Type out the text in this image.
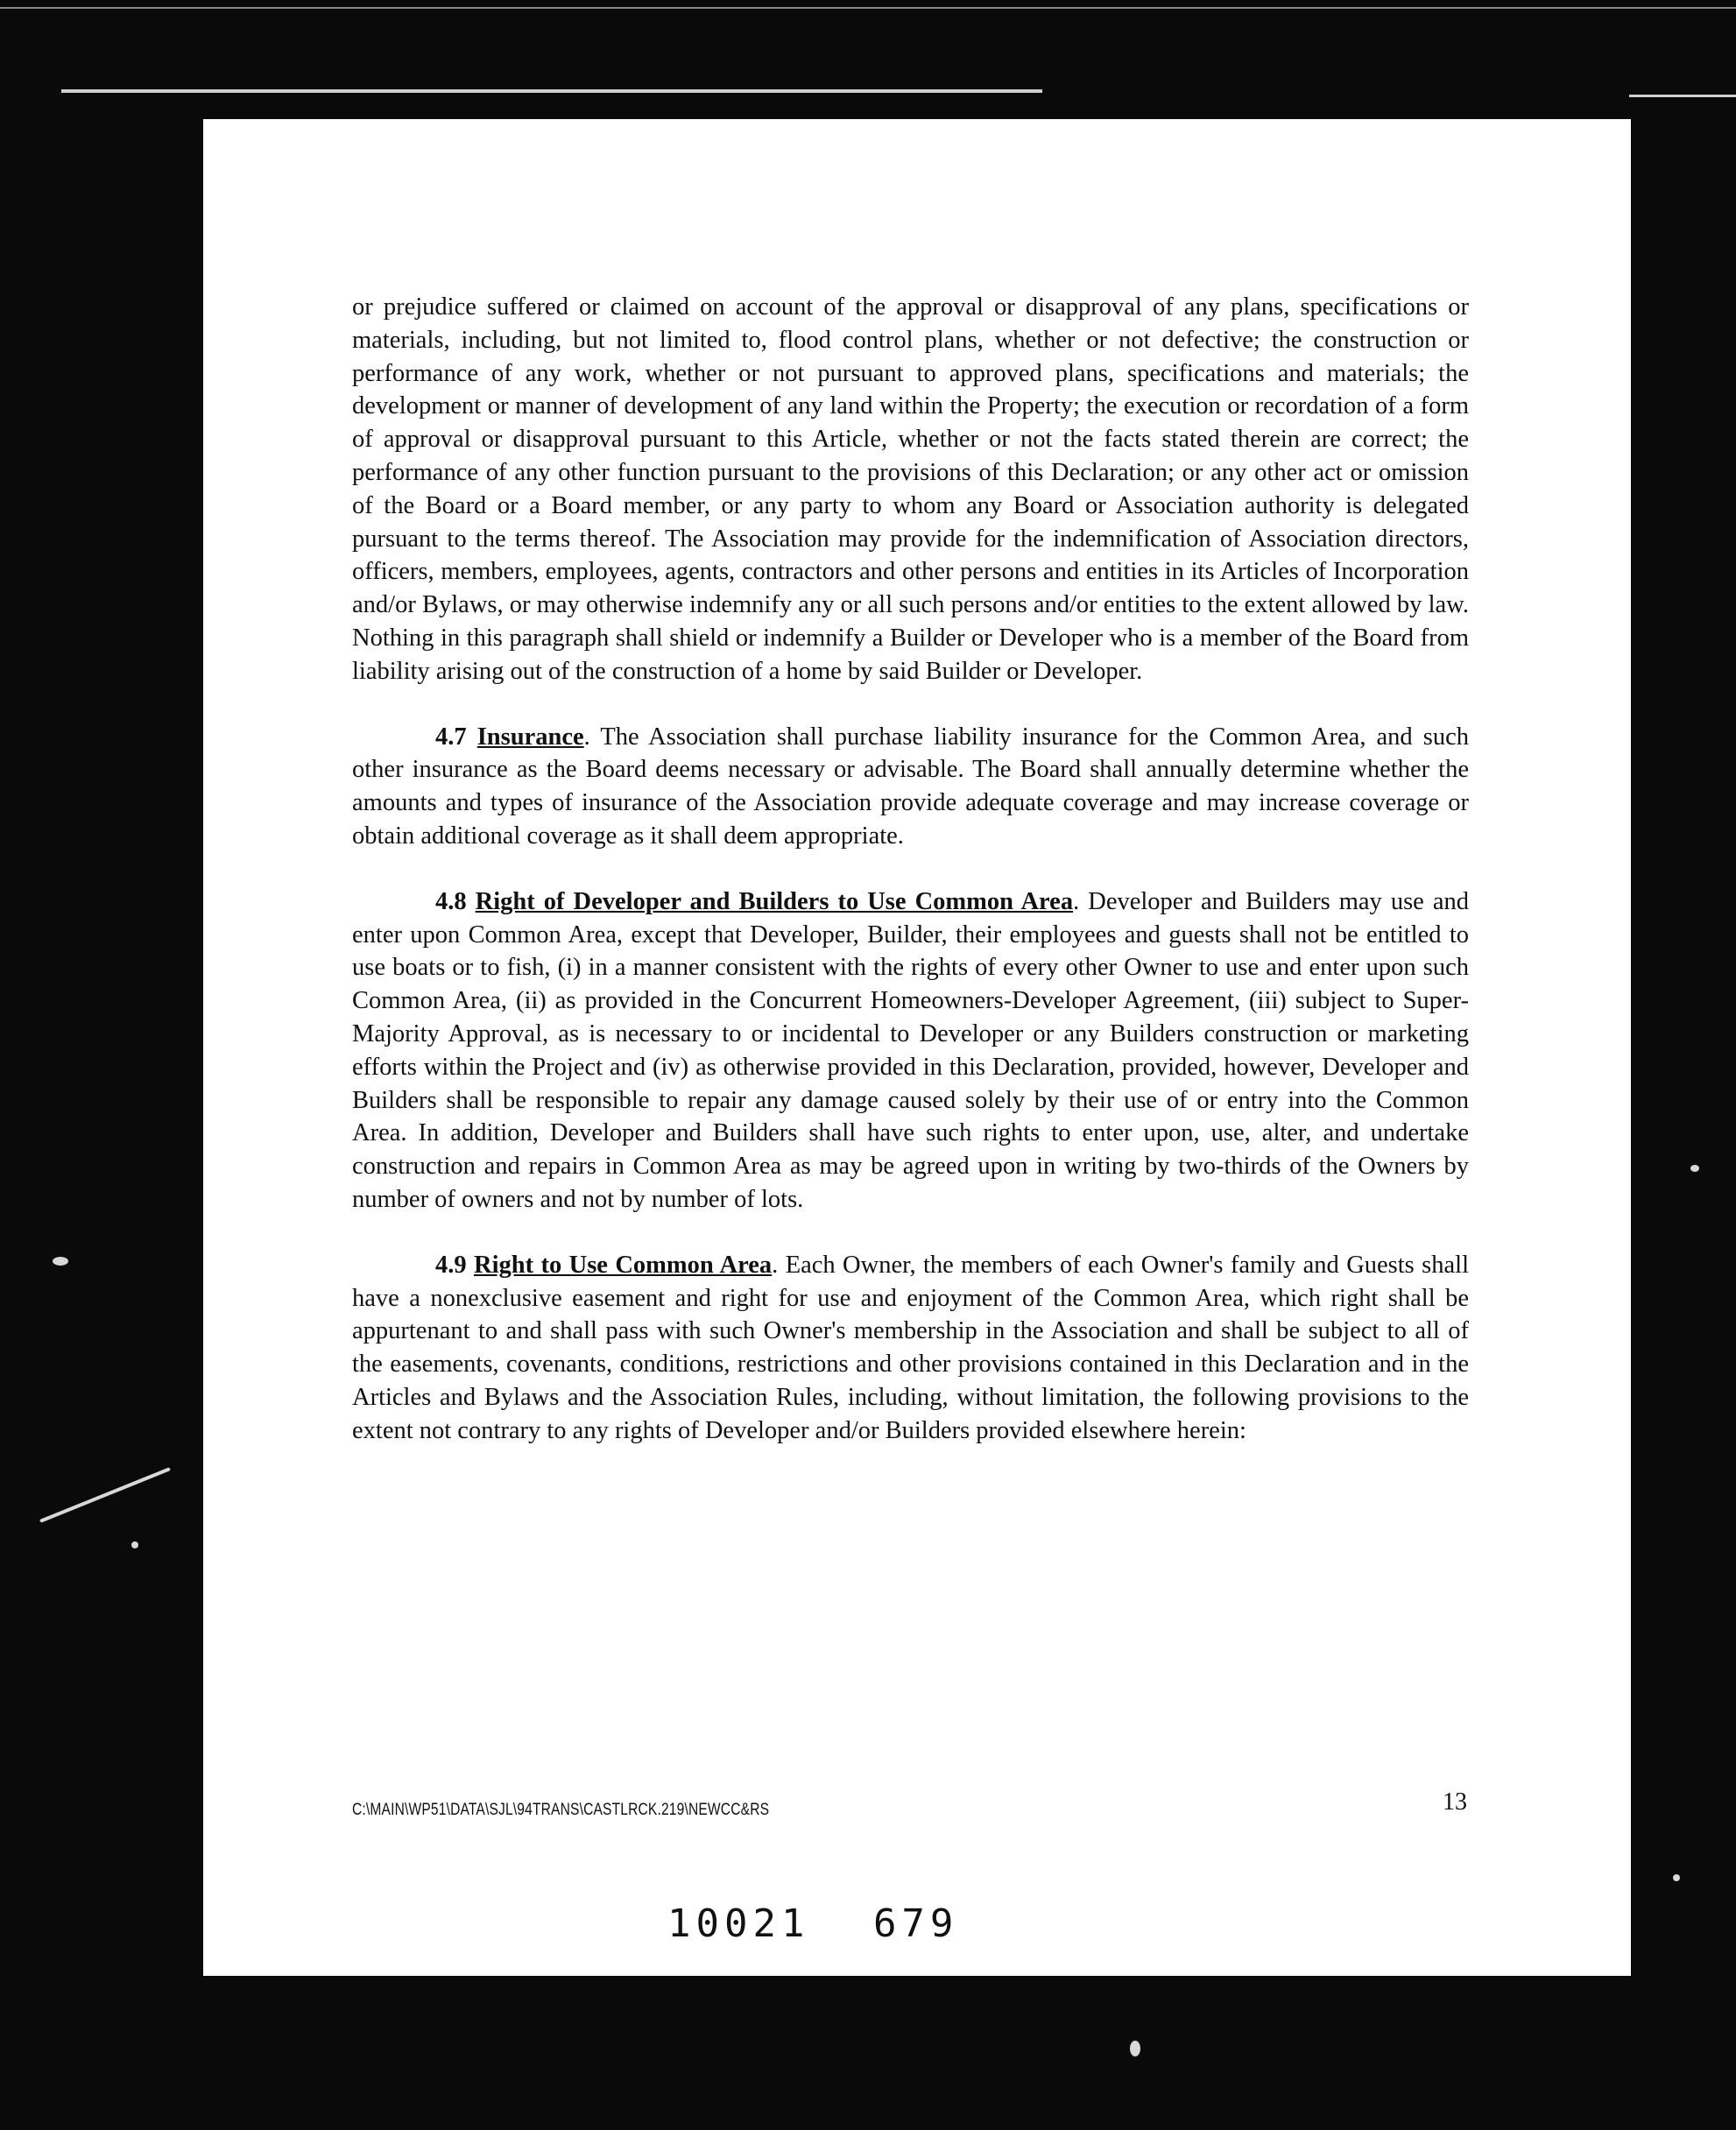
or prejudice suffered or claimed on account of the approval or disapproval of any plans, specifications or materials, including, but not limited to, flood control plans, whether or not defective; the construction or performance of any work, whether or not pursuant to approved plans, specifications and materials; the development or manner of development of any land within the Property; the execution or recordation of a form of approval or disapproval pursuant to this Article, whether or not the facts stated therein are correct; the performance of any other function pursuant to the provisions of this Declaration; or any other act or omission of the Board or a Board member, or any party to whom any Board or Association authority is delegated pursuant to the terms thereof. The Association may provide for the indemnification of Association directors, officers, members, employees, agents, contractors and other persons and entities in its Articles of Incorporation and/or Bylaws, or may otherwise indemnify any or all such persons and/or entities to the extent allowed by law. Nothing in this paragraph shall shield or indemnify a Builder or Developer who is a member of the Board from liability arising out of the construction of a home by said Builder or Developer.

4.7 Insurance. The Association shall purchase liability insurance for the Common Area, and such other insurance as the Board deems necessary or advisable. The Board shall annually determine whether the amounts and types of insurance of the Association provide adequate coverage and may increase coverage or obtain additional coverage as it shall deem appropriate.

4.8 Right of Developer and Builders to Use Common Area. Developer and Builders may use and enter upon Common Area, except that Developer, Builder, their employees and guests shall not be entitled to use boats or to fish, (i) in a manner consistent with the rights of every other Owner to use and enter upon such Common Area, (ii) as provided in the Concurrent Homeowners-Developer Agreement, (iii) subject to Super-Majority Approval, as is necessary to or incidental to Developer or any Builders construction or marketing efforts within the Project and (iv) as otherwise provided in this Declaration, provided, however, Developer and Builders shall be responsible to repair any damage caused solely by their use of or entry into the Common Area. In addition, Developer and Builders shall have such rights to enter upon, use, alter, and undertake construction and repairs in Common Area as may be agreed upon in writing by two-thirds of the Owners by number of owners and not by number of lots.

4.9 Right to Use Common Area. Each Owner, the members of each Owner's family and Guests shall have a nonexclusive easement and right for use and enjoyment of the Common Area, which right shall be appurtenant to and shall pass with such Owner's membership in the Association and shall be subject to all of the easements, covenants, conditions, restrictions and other provisions contained in this Declaration and in the Articles and Bylaws and the Association Rules, including, without limitation, the following provisions to the extent not contrary to any rights of Developer and/or Builders provided elsewhere herein:

C:\MAIN\WP51\DATA\SJL\94TRANS\CASTLRCK.219\NEWCC&RS	13
10021 679
